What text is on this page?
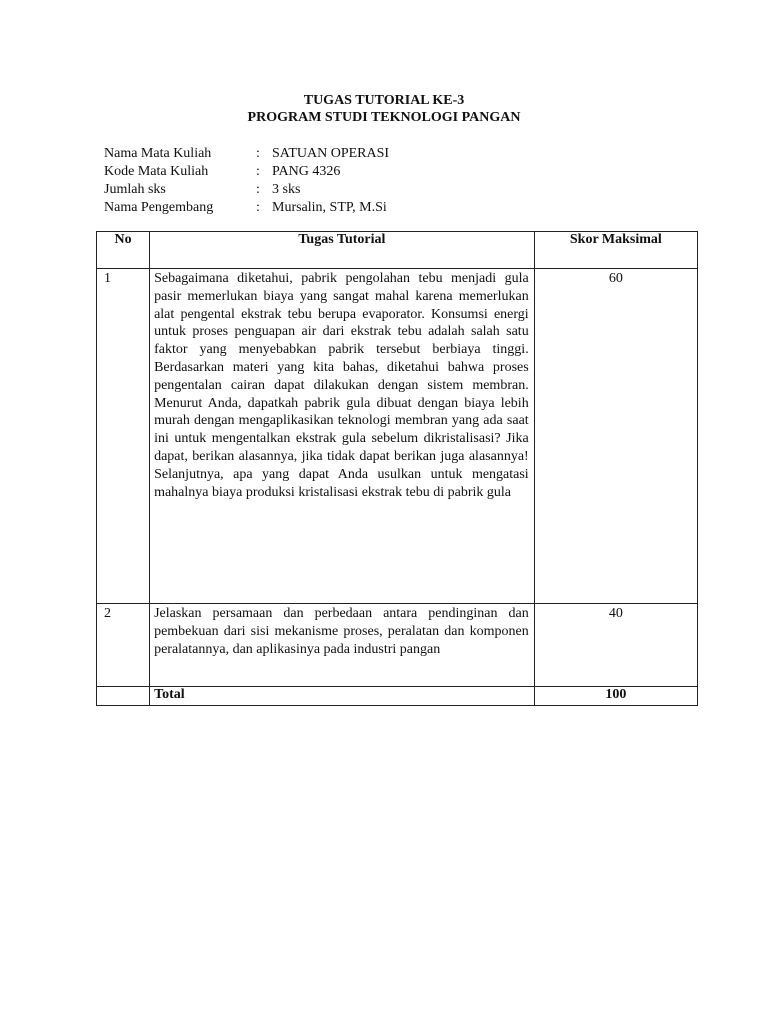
TUGAS TUTORIAL KE-3
PROGRAM STUDI TEKNOLOGI PANGAN
Nama Mata Kuliah	: SATUAN OPERASI
Kode Mata Kuliah	: PANG 4326
Jumlah sks	: 3 sks
Nama Pengembang	: Mursalin, STP, M.Si
No	Tugas Tutorial	Skor Maksimal
1	Sebagaimana diketahui, pabrik pengolahan tebu menjadi gula pasir memerlukan biaya yang sangat mahal karena memerlukan alat pengental ekstrak tebu berupa evaporator. Konsumsi energi untuk proses penguapan air dari ekstrak tebu adalah salah satu faktor yang menyebabkan pabrik tersebut berbiaya tinggi. Berdasarkan materi yang kita bahas, diketahui bahwa proses pengentalan cairan dapat dilakukan dengan sistem membran. Menurut Anda, dapatkah pabrik gula dibuat dengan biaya lebih murah dengan mengaplikasikan teknologi membran yang ada saat ini untuk mengentalkan ekstrak gula sebelum dikristalisasi? Jika dapat, berikan alasannya, jika tidak dapat berikan juga alasannya! Selanjutnya, apa yang dapat Anda usulkan untuk mengatasi mahalnya biaya produksi kristalisasi ekstrak tebu di pabrik gula	60
2	Jelaskan persamaan dan perbedaan antara pendinginan dan pembekuan dari sisi mekanisme proses, peralatan dan komponen peralatannya, dan aplikasinya pada industri pangan	40
	Total	100
